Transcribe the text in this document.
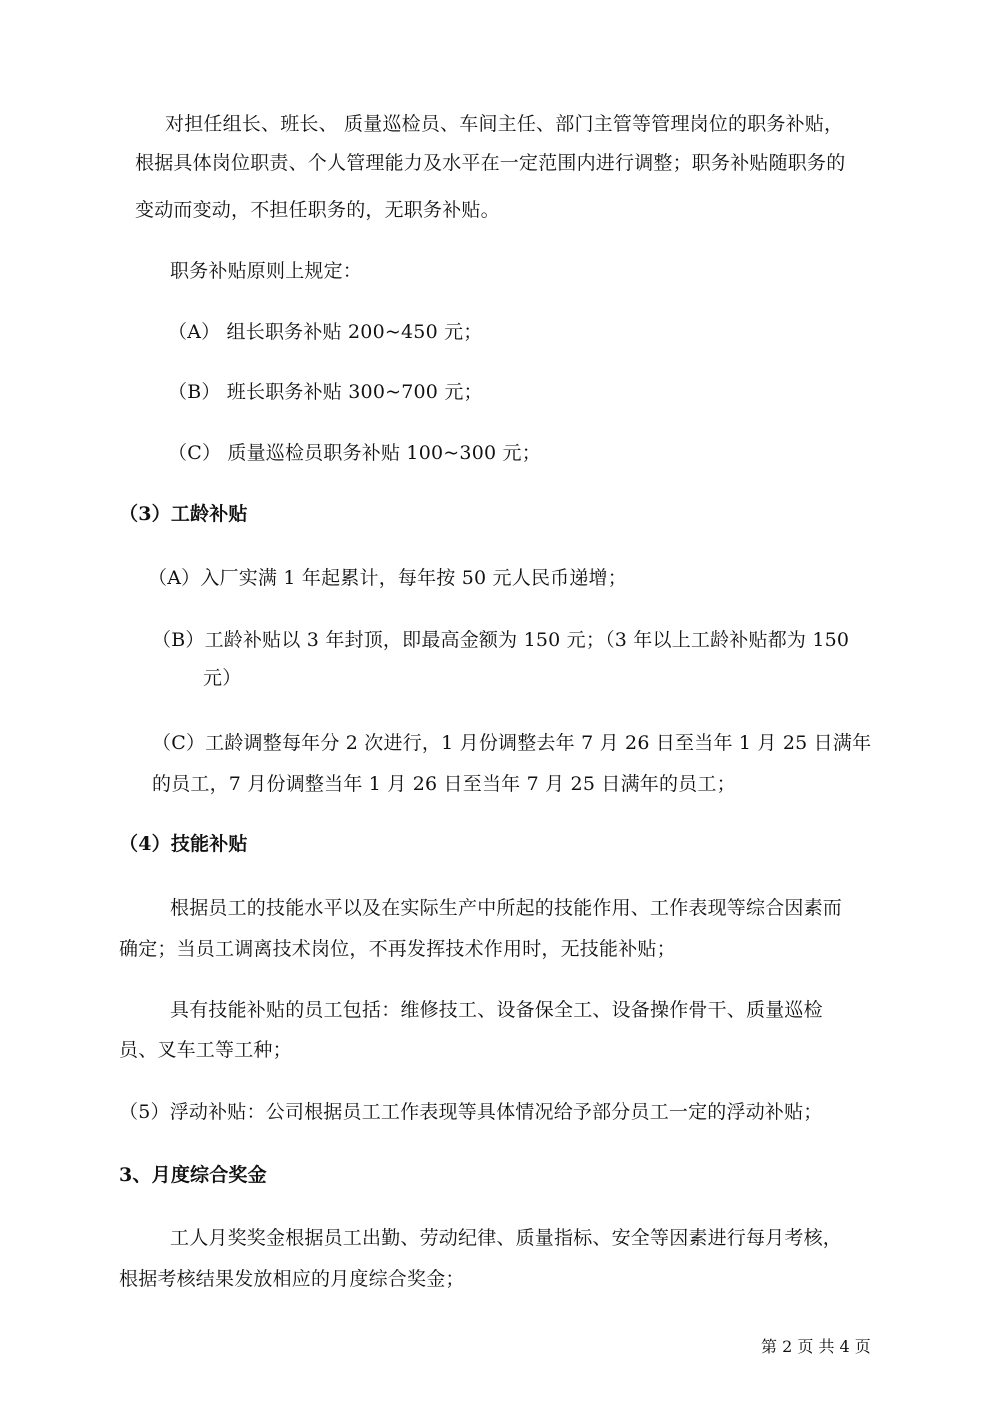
对担任组长、班长、 质量巡检员、车间主任、部门主管等管理岗位的职务补贴，
根据具体岗位职责、个人管理能力及水平在一定范围内进行调整；职务补贴随职务的
变动而变动，不担任职务的，无职务补贴。
职务补贴原则上规定：
（A） 组长职务补贴 200~450 元；
（B） 班长职务补贴 300~700 元；
（C） 质量巡检员职务补贴 100~300 元；
（3）工龄补贴
（A）入厂实满 1 年起累计，每年按 50 元人民币递增；
（B）工龄补贴以 3 年封顶，即最高金额为 150 元；（3 年以上工龄补贴都为 150
元）
（C）工龄调整每年分 2 次进行，1 月份调整去年 7 月 26 日至当年 1 月 25 日满年
的员工，7 月份调整当年 1 月 26 日至当年 7 月 25 日满年的员工；
（4）技能补贴
根据员工的技能水平以及在实际生产中所起的技能作用、工作表现等综合因素而
确定；当员工调离技术岗位，不再发挥技术作用时，无技能补贴；
具有技能补贴的员工包括：维修技工、设备保全工、设备操作骨干、质量巡检
员、叉车工等工种；
（5）浮动补贴：公司根据员工工作表现等具体情况给予部分员工一定的浮动补贴；
3、月度综合奖金
工人月奖奖金根据员工出勤、劳动纪律、质量指标、安全等因素进行每月考核，
根据考核结果发放相应的月度综合奖金；
第 2 页 共 4 页
